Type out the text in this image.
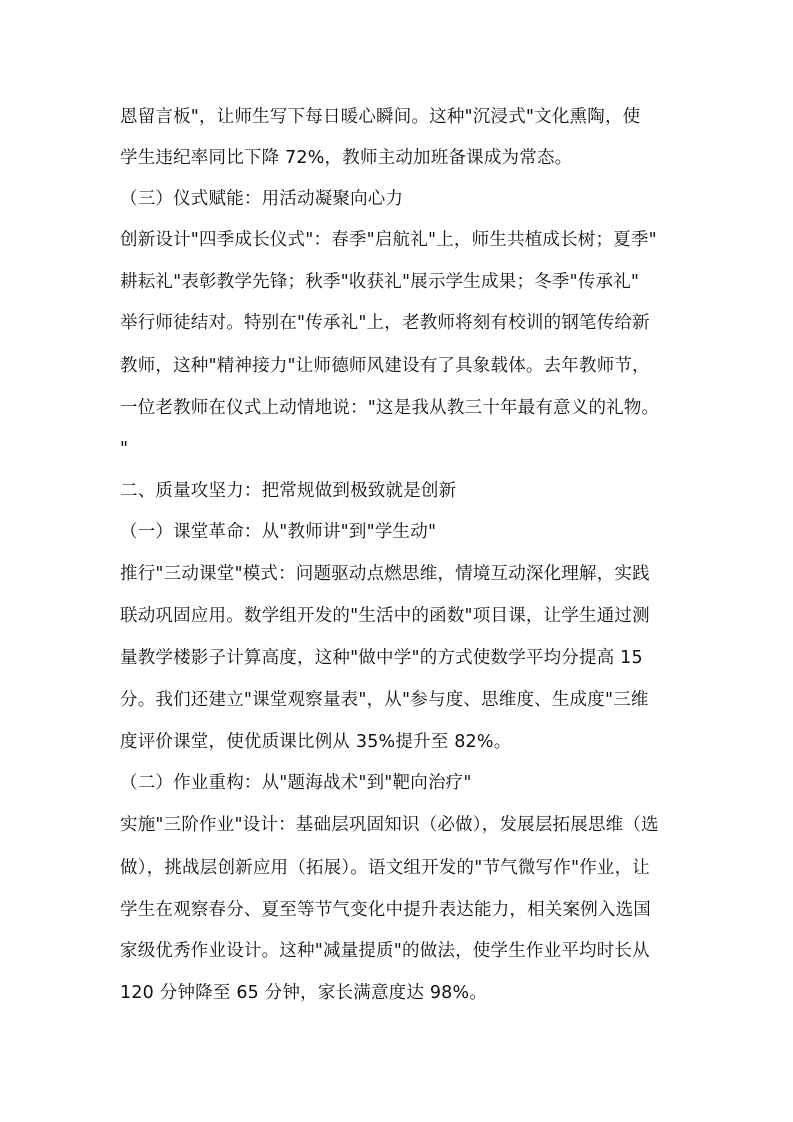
恩留言板"，让师生写下每日暖心瞬间。这种"沉浸式"文化熏陶，使
学生违纪率同比下降 72%，教师主动加班备课成为常态。
（三）仪式赋能：用活动凝聚向心力
创新设计"四季成长仪式"：春季"启航礼"上，师生共植成长树；夏季"
耕耘礼"表彰教学先锋；秋季"收获礼"展示学生成果；冬季"传承礼"
举行师徒结对。特别在"传承礼"上，老教师将刻有校训的钢笔传给新
教师，这种"精神接力"让师德师风建设有了具象载体。去年教师节，
一位老教师在仪式上动情地说："这是我从教三十年最有意义的礼物。
"
二、质量攻坚力：把常规做到极致就是创新
（一）课堂革命：从"教师讲"到"学生动"
推行"三动课堂"模式：问题驱动点燃思维，情境互动深化理解，实践
联动巩固应用。数学组开发的"生活中的函数"项目课，让学生通过测
量教学楼影子计算高度，这种"做中学"的方式使数学平均分提高 15
分。我们还建立"课堂观察量表"，从"参与度、思维度、生成度"三维
度评价课堂，使优质课比例从 35%提升至 82%。
（二）作业重构：从"题海战术"到"靶向治疗"
实施"三阶作业"设计：基础层巩固知识（必做），发展层拓展思维（选
做），挑战层创新应用（拓展）。语文组开发的"节气微写作"作业，让
学生在观察春分、夏至等节气变化中提升表达能力，相关案例入选国
家级优秀作业设计。这种"减量提质"的做法，使学生作业平均时长从
120 分钟降至 65 分钟，家长满意度达 98%。
